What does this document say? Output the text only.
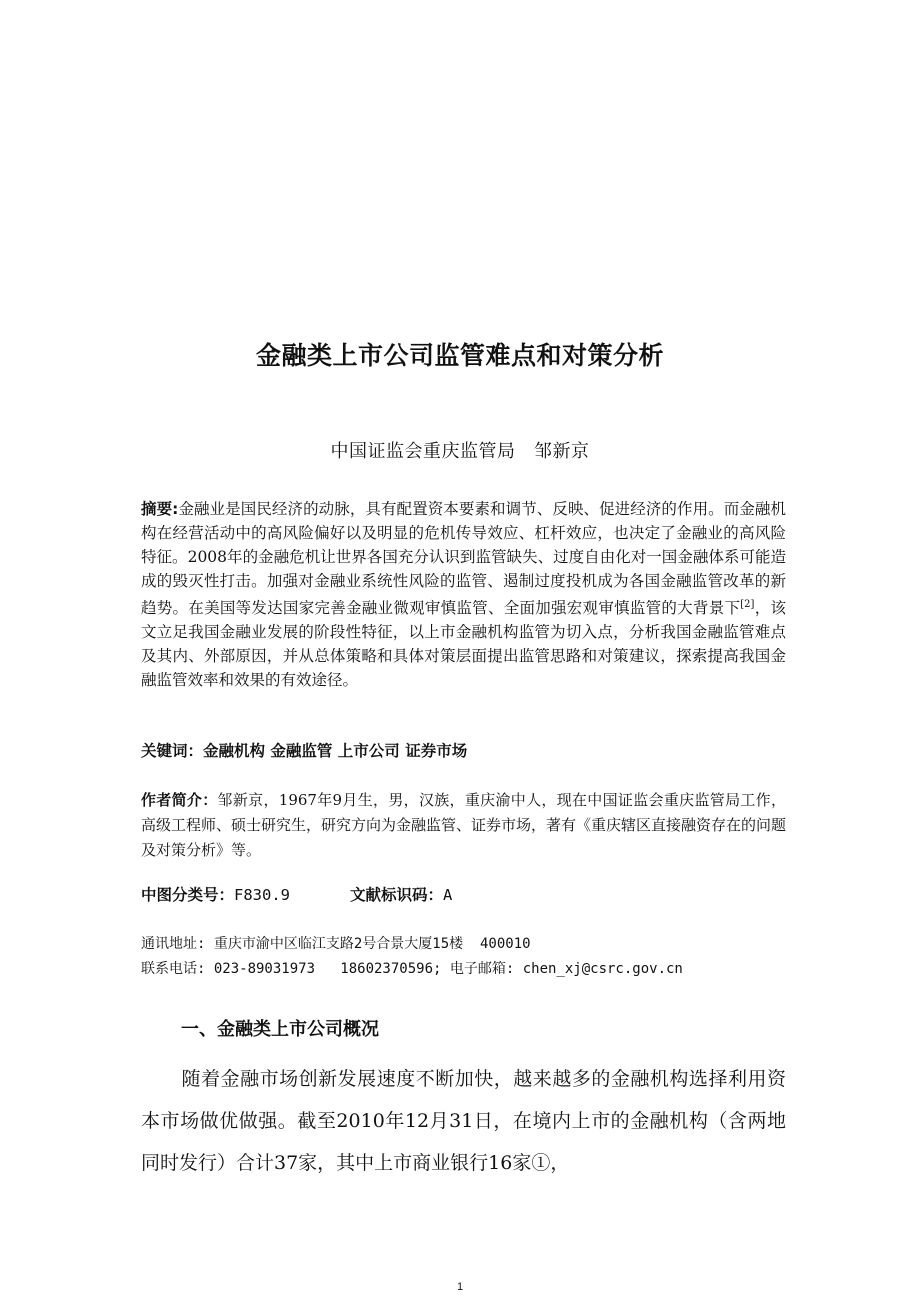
金融类上市公司监管难点和对策分析
中国证监会重庆监管局　邹新京
摘要:金融业是国民经济的动脉，具有配置资本要素和调节、反映、促进经济的作用。而金融机构在经营活动中的高风险偏好以及明显的危机传导效应、杠杆效应，也决定了金融业的高风险特征。2008年的金融危机让世界各国充分认识到监管缺失、过度自由化对一国金融体系可能造成的毁灭性打击。加强对金融业系统性风险的监管、遏制过度投机成为各国金融监管改革的新趋势。在美国等发达国家完善金融业微观审慎监管、全面加强宏观审慎监管的大背景下[2]，该文立足我国金融业发展的阶段性特征，以上市金融机构监管为切入点，分析我国金融监管难点及其内、外部原因，并从总体策略和具体对策层面提出监管思路和对策建议，探索提高我国金融监管效率和效果的有效途径。
关键词：金融机构 金融监管 上市公司 证券市场
作者简介：邹新京，1967年9月生，男，汉族，重庆渝中人，现在中国证监会重庆监管局工作，高级工程师、硕士研究生，研究方向为金融监管、证券市场，著有《重庆辖区直接融资存在的问题及对策分析》等。
中图分类号：F830.9	文献标识码：A
通讯地址: 重庆市渝中区临江支路2号合景大厦15楼  400010
联系电话: 023-89031973   18602370596; 电子邮箱: chen_xj@csrc.gov.cn
一、金融类上市公司概况
随着金融市场创新发展速度不断加快，越来越多的金融机构选择利用资本市场做优做强。截至2010年12月31日，在境内上市的金融机构（含两地同时发行）合计37家，其中上市商业银行16家①，
1
